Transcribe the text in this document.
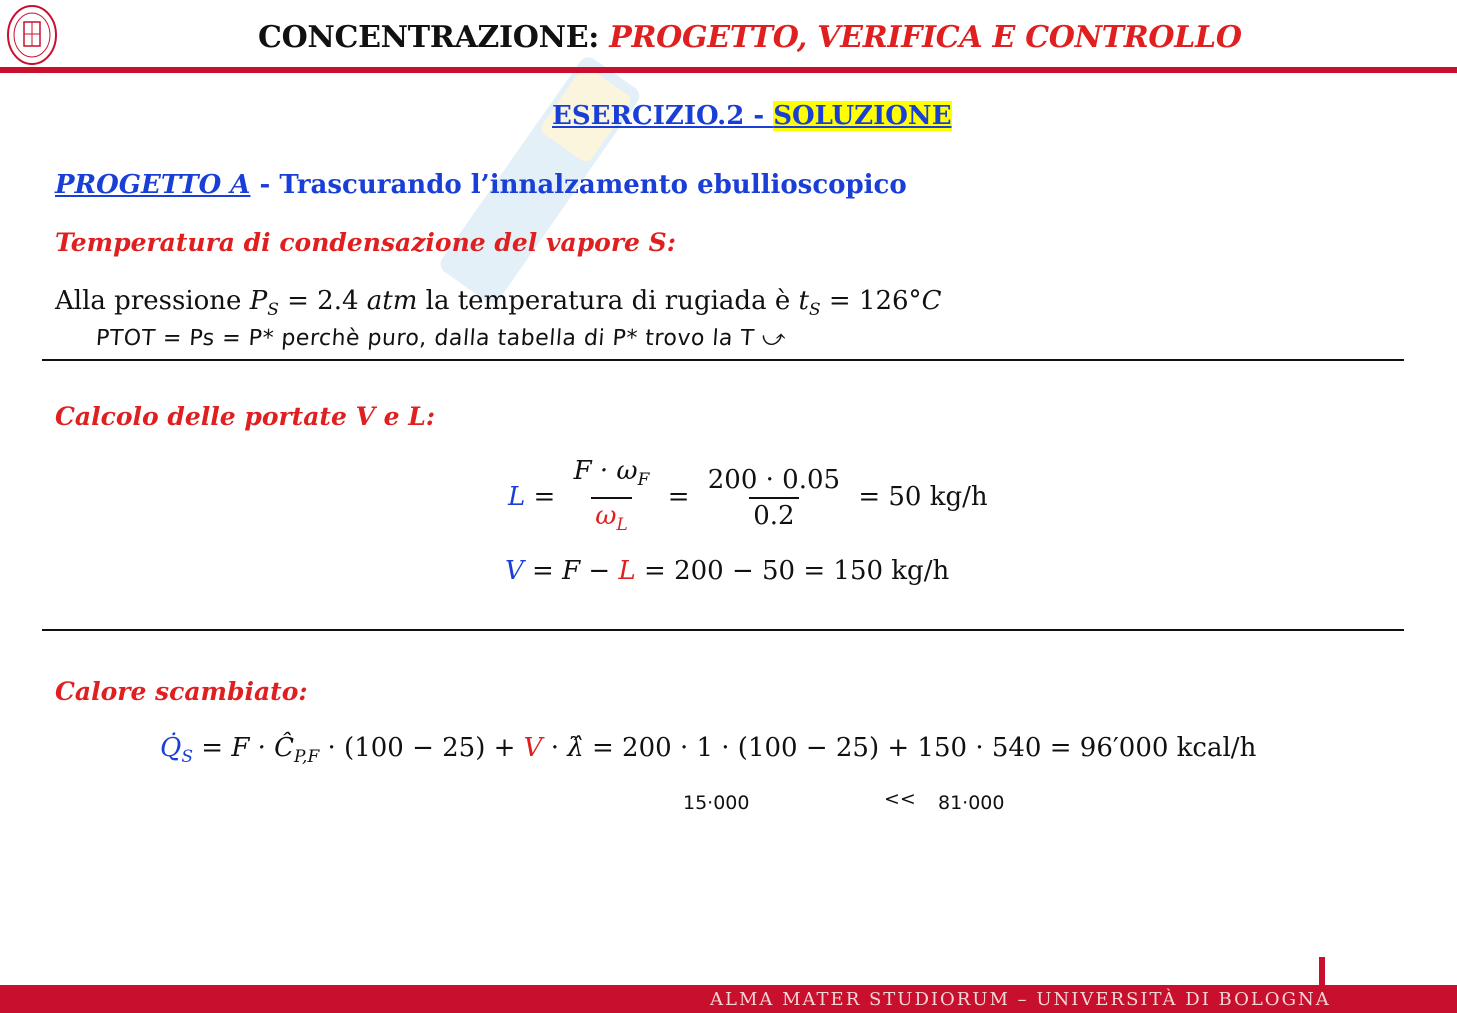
CONCENTRAZIONE: PROGETTO, VERIFICA E CONTROLLO
ESERCIZIO.2 - SOLUZIONE
PROGETTO A - Trascurando l’innalzamento ebullioscopico
Temperatura di condensazione del vapore S:
Alla pressione $P_S = 2.4$ atm la temperatura di rugiada è $t_S = 126^\circ C$
PTOT = Ps = P* perchè puro, dalla tabella di P* trovo la T ⤻
Calcolo delle portate V e L:
$L = \frac{F \cdot \omega_F}{\omega_L} = \frac{200 \cdot 0.05}{0.2} = 50$ kg/h
V = F − L = 200 − 50 = 150 kg/h
Calore scambiato:
$Q̇_S = F$ · $Ĉ_{P,F} \cdot (100 - 25) + V$ · λ̂ = 200 · 1 · (100 − 25) + 150 · 540 = 96′000 kcal/h
15·000	<< 81·000
ALMA MATER STUDIORUM – UNIVERSITÀ DI BOLOGNA
